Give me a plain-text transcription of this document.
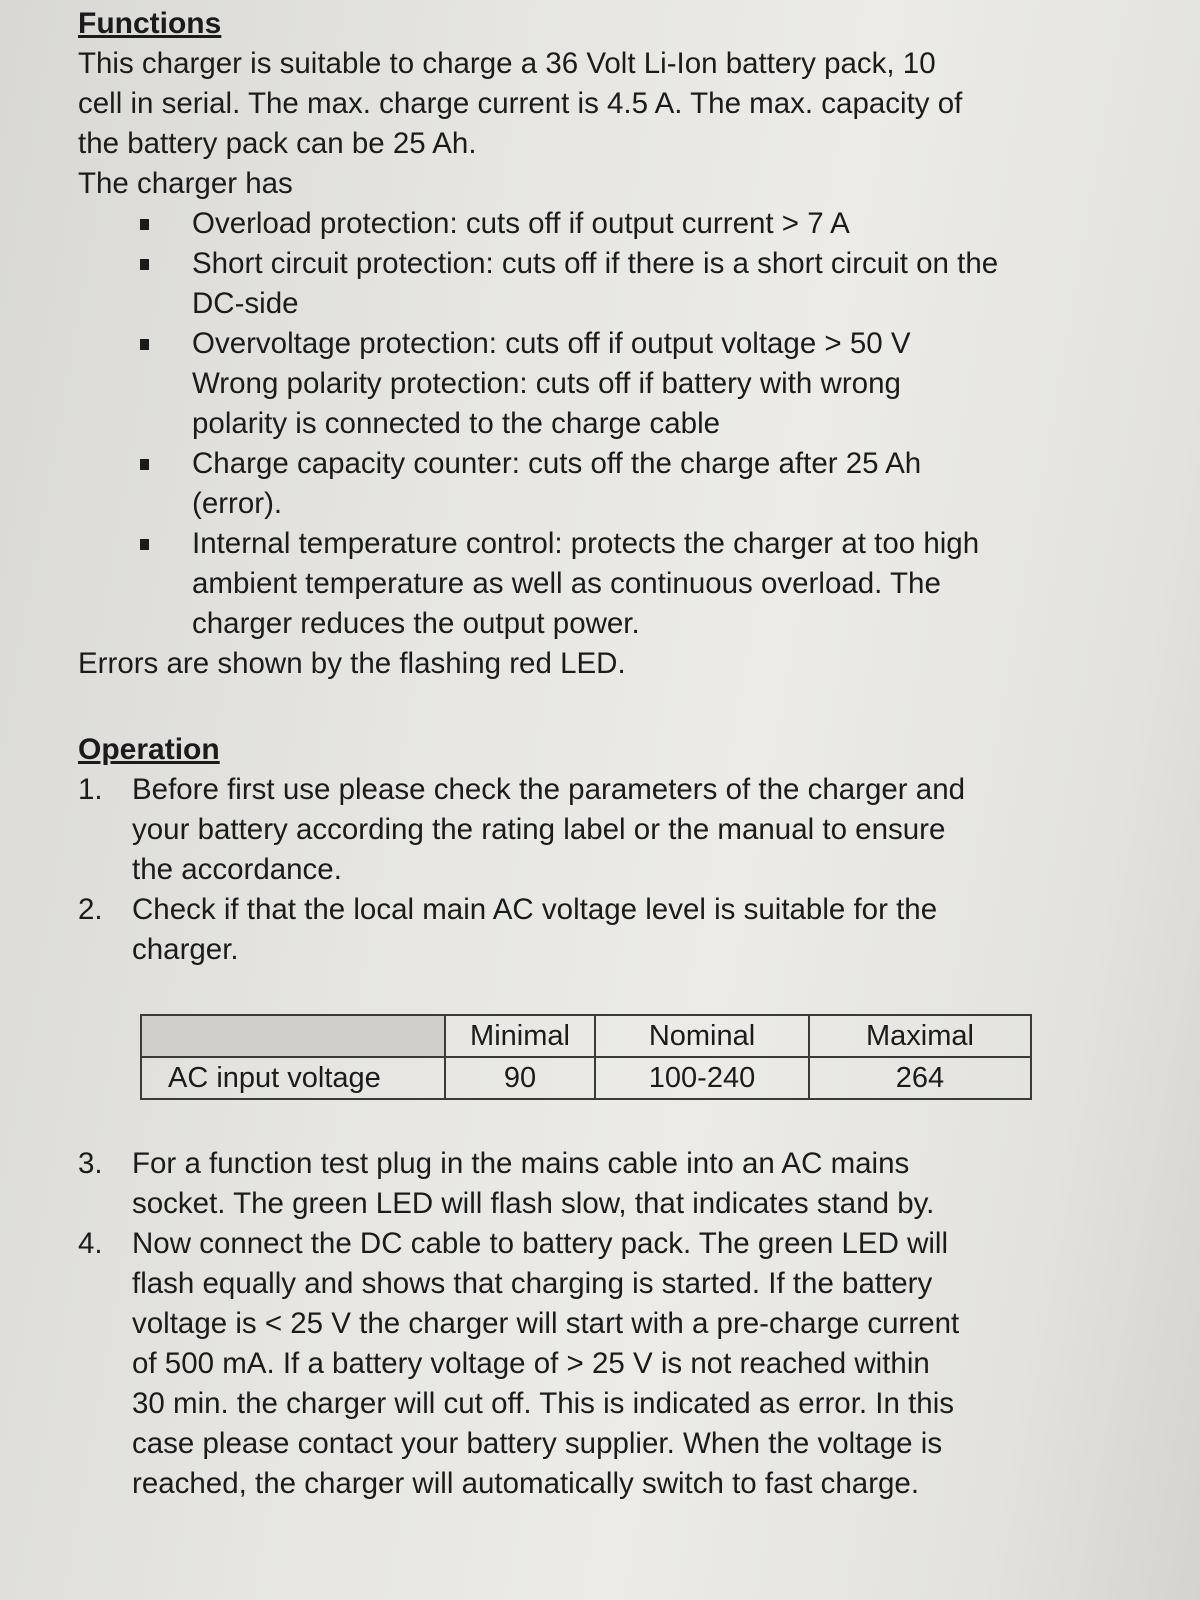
Functions

This charger is suitable to charge a 36 Volt Li-Ion battery pack, 10

cell in serial. The max. charge current is 4.5 A. The max. capacity of

the battery pack can be 25 Ah.

The charger has

Overload protection: cuts off if output current > 7 A
Short circuit protection: cuts off if there is a short circuit on the
DC-side
Overvoltage protection: cuts off if output voltage > 50 V
Wrong polarity protection: cuts off if battery with wrong
polarity is connected to the charge cable
Charge capacity counter: cuts off the charge after 25 Ah
(error).
Internal temperature control: protects the charger at too high
ambient temperature as well as continuous overload. The
charger reduces the output power.

Errors are shown by the flashing red LED.

Operation
1. Before first use please check the parameters of the charger and
your battery according the rating label or the manual to ensure
the accordance.
2. Check if that the local main AC voltage level is suitable for the
charger.
	Minimal	Nominal	Maximal
AC input voltage	90	100-240	264
3. For a function test plug in the mains cable into an AC mains
socket. The green LED will flash slow, that indicates stand by.
4. Now connect the DC cable to battery pack. The green LED will
flash equally and shows that charging is started. If the battery
voltage is < 25 V the charger will start with a pre-charge current
of 500 mA. If a battery voltage of > 25 V is not reached within
30 min. the charger will cut off. This is indicated as error. In this
case please contact your battery supplier. When the voltage is
reached, the charger will automatically switch to fast charge.
